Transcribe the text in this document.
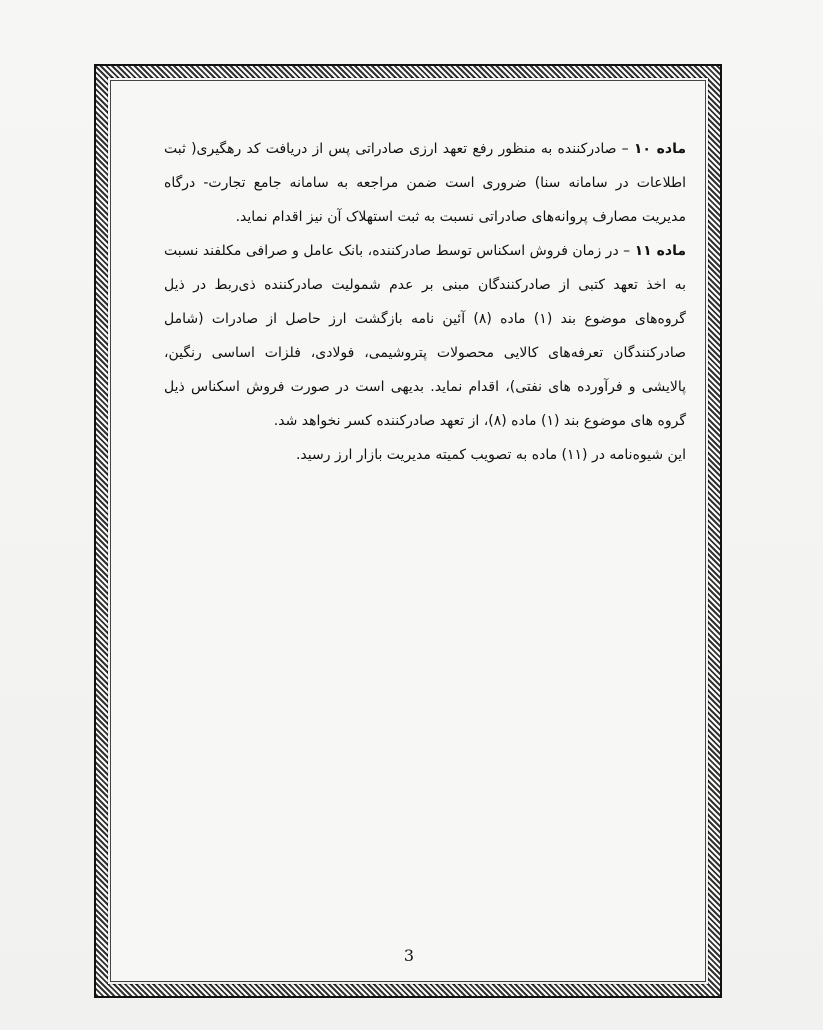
ماده ۱۰ – صادرکننده به منظور رفع تعهد ارزی صادراتی پس از دریافت کد رهگیری( ثبت اطلاعات در سامانه سنا) ضروری است ضمن مراجعه به سامانه جامع تجارت- درگاه مدیریت مصارف پروانه‌های صادراتی نسبت به ثبت استهلاک آن نیز اقدام نماید.

ماده ۱۱ – در زمان فروش اسکناس توسط صادرکننده، بانک عامل و صرافی مکلفند نسبت به اخذ تعهد کتبی از صادرکنندگان مبنی بر عدم شمولیت صادرکننده ذی‌ربط در ذیل گروه‌های موضوع بند (۱) ماده (۸) آئین نامه بازگشت ارز حاصل از صادرات (شامل صادرکنندگان تعرفه‌های کالایی محصولات پتروشیمی، فولادی، فلزات اساسی رنگین، پالایشی و فرآورده های نفتی)، اقدام نماید. بدیهی است در صورت فروش اسکناس ذیل گروه های موضوع بند (۱) ماده (۸)، از تعهد صادرکننده کسر نخواهد شد.

این شیوه‌نامه در (۱۱) ماده به تصویب کمیته مدیریت بازار ارز رسید.

3
